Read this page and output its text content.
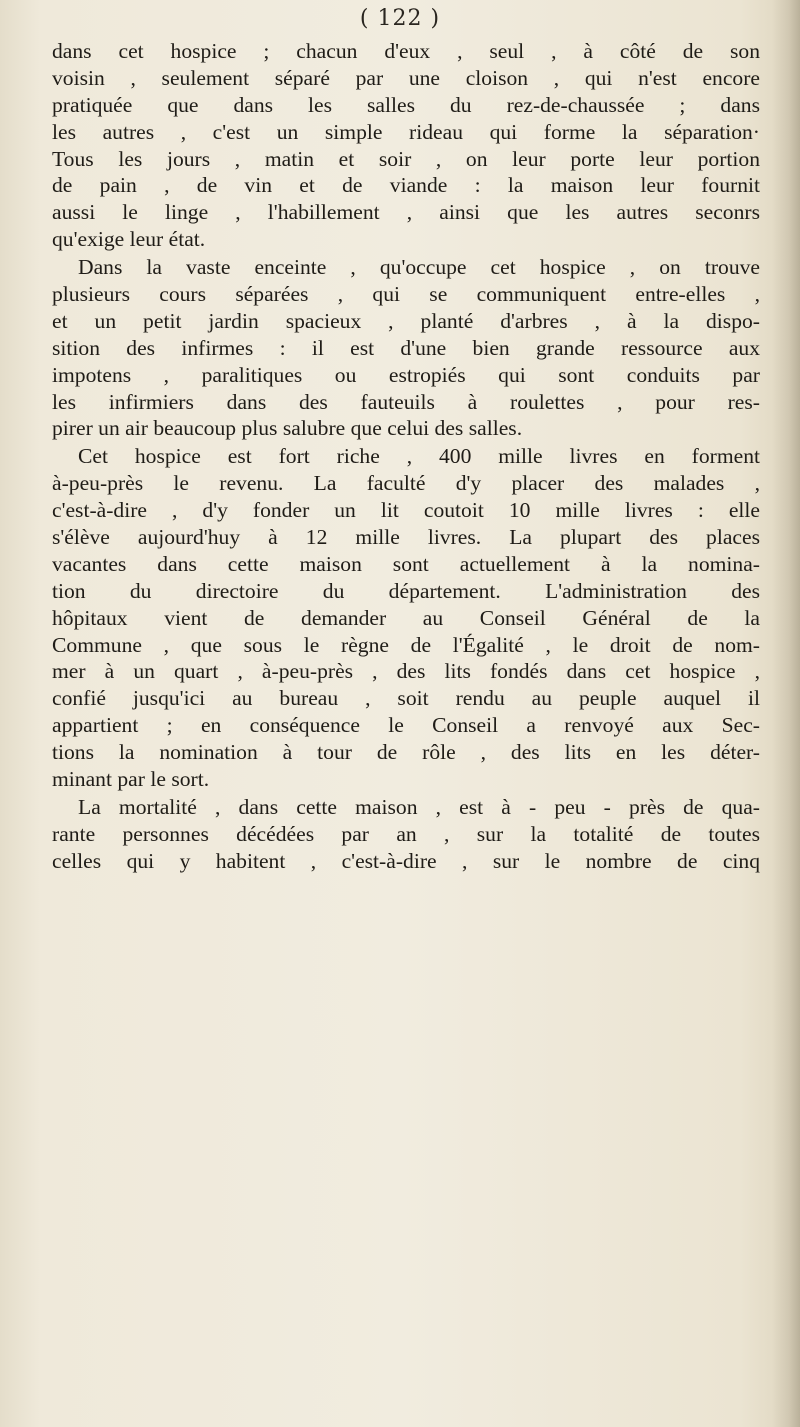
( 122 )
dans cet hospice ; chacun d'eux , seul , à côté de son
voisin , seulement séparé par une cloison , qui n'est encore
pratiquée que dans les salles du rez-de-chaussée ; dans
les autres , c'est un simple rideau qui forme la séparation·
Tous les jours , matin et soir , on leur porte leur portion
de pain , de vin et de viande : la maison leur fournit
aussi le linge , l'habillement , ainsi que les autres seconrs
qu'exige leur état.
Dans la vaste enceinte , qu'occupe cet hospice , on trouve
plusieurs cours séparées , qui se communiquent entre-elles ,
et un petit jardin spacieux , planté d'arbres , à la dispo-
sition des infirmes : il est d'une bien grande ressource aux
impotens , paralitiques ou estropiés qui sont conduits par
les infirmiers dans des fauteuils à roulettes , pour res-
pirer un air beaucoup plus salubre que celui des salles.
Cet hospice est fort riche , 400 mille livres en forment
à-peu-près le revenu. La faculté d'y placer des malades ,
c'est-à-dire , d'y fonder un lit coutoit 10 mille livres : elle
s'élève aujourd'huy à 12 mille livres. La plupart des places
vacantes dans cette maison sont actuellement à la nomina-
tion du directoire du département. L'administration des
hôpitaux vient de demander au Conseil Général de la
Commune , que sous le règne de l'Égalité , le droit de nom-
mer à un quart , à-peu-près , des lits fondés dans cet hospice ,
confié jusqu'ici au bureau , soit rendu au peuple auquel il
appartient ; en conséquence le Conseil a renvoyé aux Sec-
tions la nomination à tour de rôle , des lits en les déter-
minant par le sort.
La mortalité , dans cette maison , est à - peu - près de qua-
rante personnes décédées par an , sur la totalité de toutes
celles qui y habitent , c'est-à-dire , sur le nombre de cinq
